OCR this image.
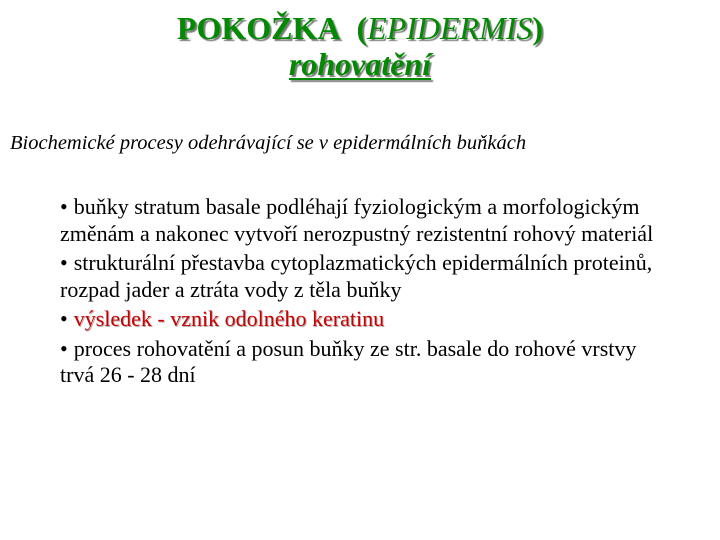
POKOŽKA (EPIDERMIS)
rohovatění
Biochemické procesy odehrávající se v epidermálních buňkách
• buňky stratum basale podléhají fyziologickým a morfologickým změnám a nakonec vytvoří nerozpustný rezistentní rohový materiál
• strukturální přestavba cytoplazmatických epidermálních proteinů, rozpad jader a ztráta vody z těla buňky
• výsledek - vznik odolného keratinu
• proces rohovatění a posun buňky ze str. basale do rohové vrstvy trvá 26 - 28 dní
